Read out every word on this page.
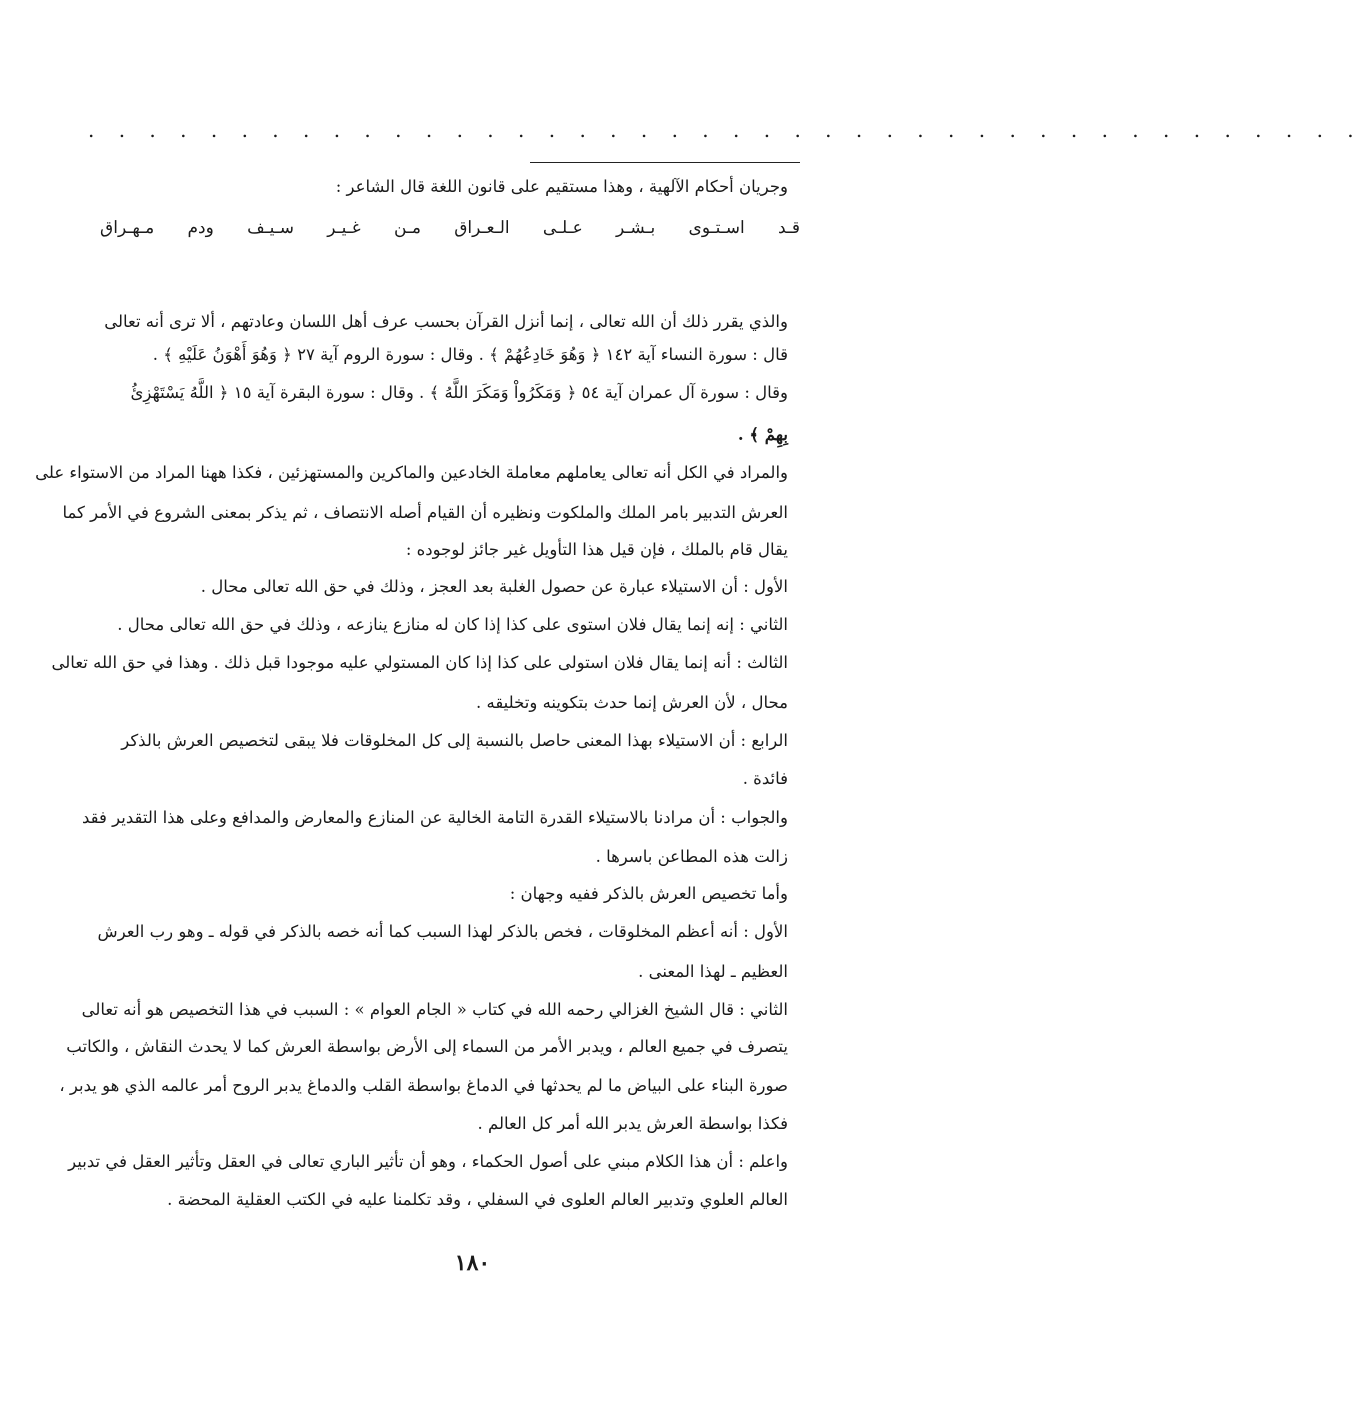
. . . . . . . . . . . . . . . . . . . . . . . . . . . . . . . . . . . . . . . . . .
وجريان أحكام الآلهية ، وهذا مستقيم على قانون اللغة قال الشاعر :
قـد
اسـتـوى
بـشـر
عـلـى
الـعـراق
مـن
غـيـر
سـيـف
ودم
مـهـراق
والذي يقرر ذلك أن الله تعالى ، إنما أنزل القرآن بحسب عرف أهل اللسان وعادتهم ، ألا ترى أنه تعالى
قال : سورة النساء آية ١٤٢ ﴿ وَهُوَ خَادِعُهُمْ ﴾ . وقال : سورة الروم آية ٢٧ ﴿ وَهُوَ أَهْوَنُ عَلَيْهِ ﴾ .
وقال : سورة آل عمران آية ٥٤ ﴿ وَمَكَرُواْ وَمَكَرَ اللَّهُ ﴾ . وقال : سورة البقرة آية ١٥ ﴿ اللَّهُ يَسْتَهْزِئُ
بِهِمْ ﴾ .
والمراد في الكل أنه تعالى يعاملهم معاملة الخادعين والماكرين والمستهزئين ، فكذا ههنا المراد من الاستواء على
العرش التدبير بامر الملك والملكوت ونظيره أن القيام أصله الانتصاف ، ثم يذكر بمعنى الشروع في الأمر كما
يقال قام بالملك ، فإن قيل هذا التأويل غير جائز لوجوده :
الأول : أن الاستيلاء عبارة عن حصول الغلبة بعد العجز ، وذلك في حق الله تعالى محال .
الثاني : إنه إنما يقال فلان استوى على كذا إذا كان له منازع ينازعه ، وذلك في حق الله تعالى محال .
الثالث : أنه إنما يقال فلان استولى على كذا إذا كان المستولي عليه موجودا قبل ذلك . وهذا في حق الله تعالى
محال ، لأن العرش إنما حدث بتكوينه وتخليقه .
الرابع : أن الاستيلاء بهذا المعنى حاصل بالنسبة إلى كل المخلوقات فلا يبقى لتخصيص العرش بالذكر
فائدة .
والجواب : أن مرادنا بالاستيلاء القدرة التامة الخالية عن المنازع والمعارض والمدافع وعلى هذا التقدير فقد
زالت هذه المطاعن باسرها .
وأما تخصيص العرش بالذكر ففيه وجهان :
الأول : أنه أعظم المخلوقات ، فخص بالذكر لهذا السبب كما أنه خصه بالذكر في قوله ـ وهو رب العرش
العظيم ـ لهذا المعنى .
الثاني : قال الشيخ الغزالي رحمه الله في كتاب « الجام العوام » : السبب في هذا التخصيص هو أنه تعالى
يتصرف في جميع العالم ، ويدبر الأمر من السماء إلى الأرض بواسطة العرش كما لا يحدث النقاش ، والكاتب
صورة البناء على البياض ما لم يحدثها في الدماغ بواسطة القلب والدماغ يدبر الروح أمر عالمه الذي هو يدبر ،
فكذا بواسطة العرش يدبر الله أمر كل العالم .
واعلم : أن هذا الكلام مبني على أصول الحكماء ، وهو أن تأثير الباري تعالى في العقل وتأثير العقل في تدبير
العالم العلوي وتدبير العالم العلوى في السفلي ، وقد تكلمنا عليه في الكتب العقلية المحضة .
١٨٠
